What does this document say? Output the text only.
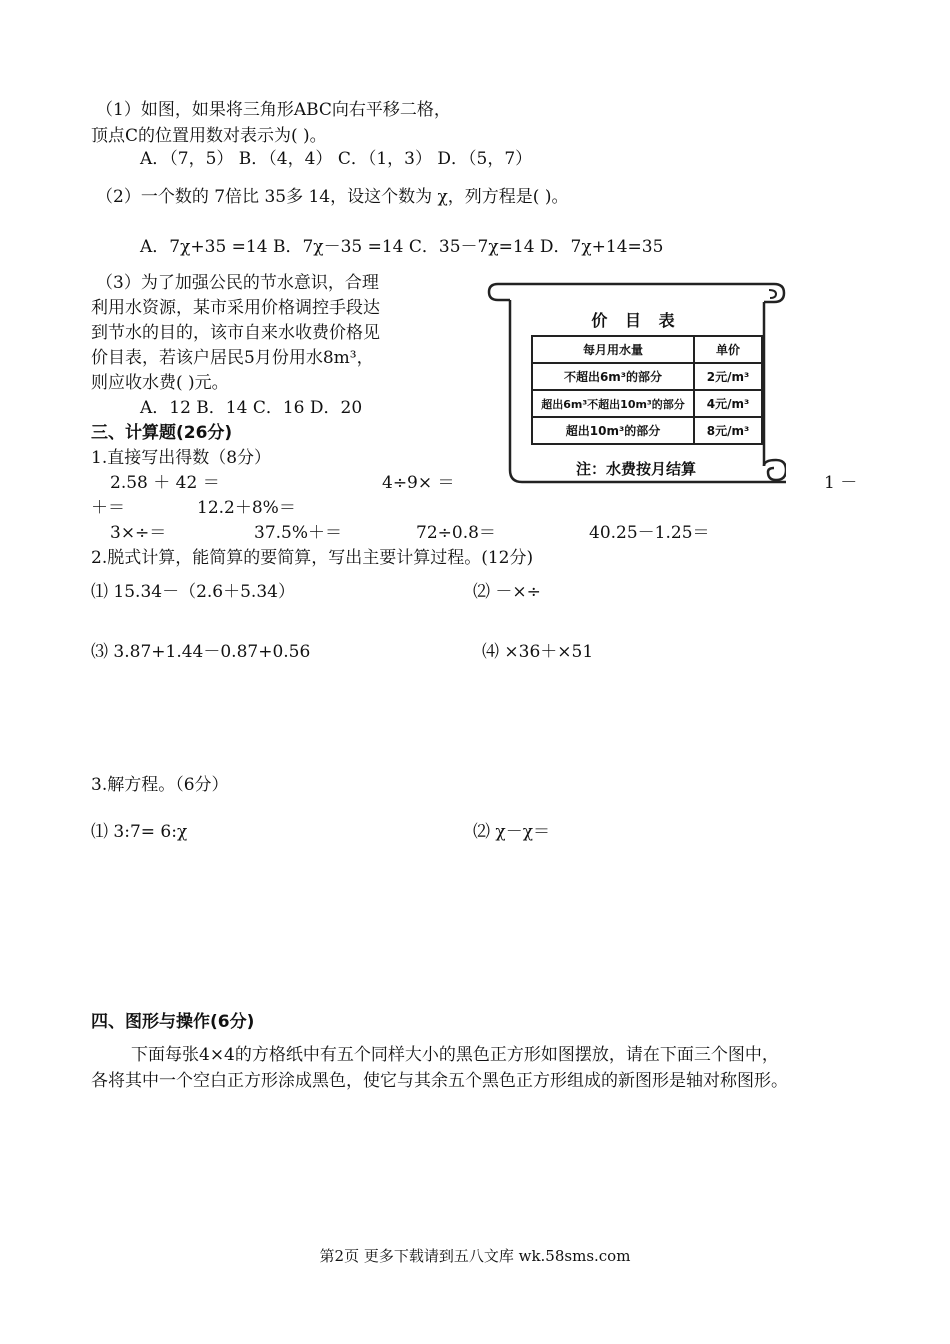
（1）如图，如果将三角形ABC向右平移二格，
顶点C的位置用数对表示为( )。
A．（7，5） B．（4，4） C．（1，3） D．（5，7）
（2）一个数的 7倍比 35多 14，设这个数为 χ，列方程是( )。
A．7χ+35 =14 B．7χ－35 =14 C．35－7χ=14 D．7χ+14=35
（3）为了加强公民的节水意识，合理
利用水资源，某市采用价格调控手段达
到节水的目的，该市自来水收费价格见
价目表，若该户居民5月份用水8m³，
则应收水费( )元。
A．12 B．14 C．16 D．20
价 目 表
每月用水量	单价
不超出6m³的部分	2元/m³
超出6m³不超出10m³的部分	4元/m³
超出10m³的部分	8元/m³
注：水费按月结算
三、计算题(26分)
1.直接写出得数（8分）
2.58 ＋ 42 ＝	4÷9× ＝	1 －
＋＝	12.2＋8%＝
3×÷＝	37.5%＋＝	72÷0.8＝	40.25－1.25＝
2.脱式计算，能简算的要简算，写出主要计算过程。(12分)
⑴ 15.34－（2.6＋5.34）	⑵ －×÷
⑶ 3.87+1.44－0.87+0.56	⑷ ×36＋×51
3.解方程。（6分）
⑴ 3:7= 6:χ	⑵ χ－χ＝
四、图形与操作(6分)
下面每张4×4的方格纸中有五个同样大小的黑色正方形如图摆放，请在下面三个图中，
各将其中一个空白正方形涂成黑色，使它与其余五个黑色正方形组成的新图形是轴对称图形。
第2页 更多下载请到五八文库 wk.58sms.com
